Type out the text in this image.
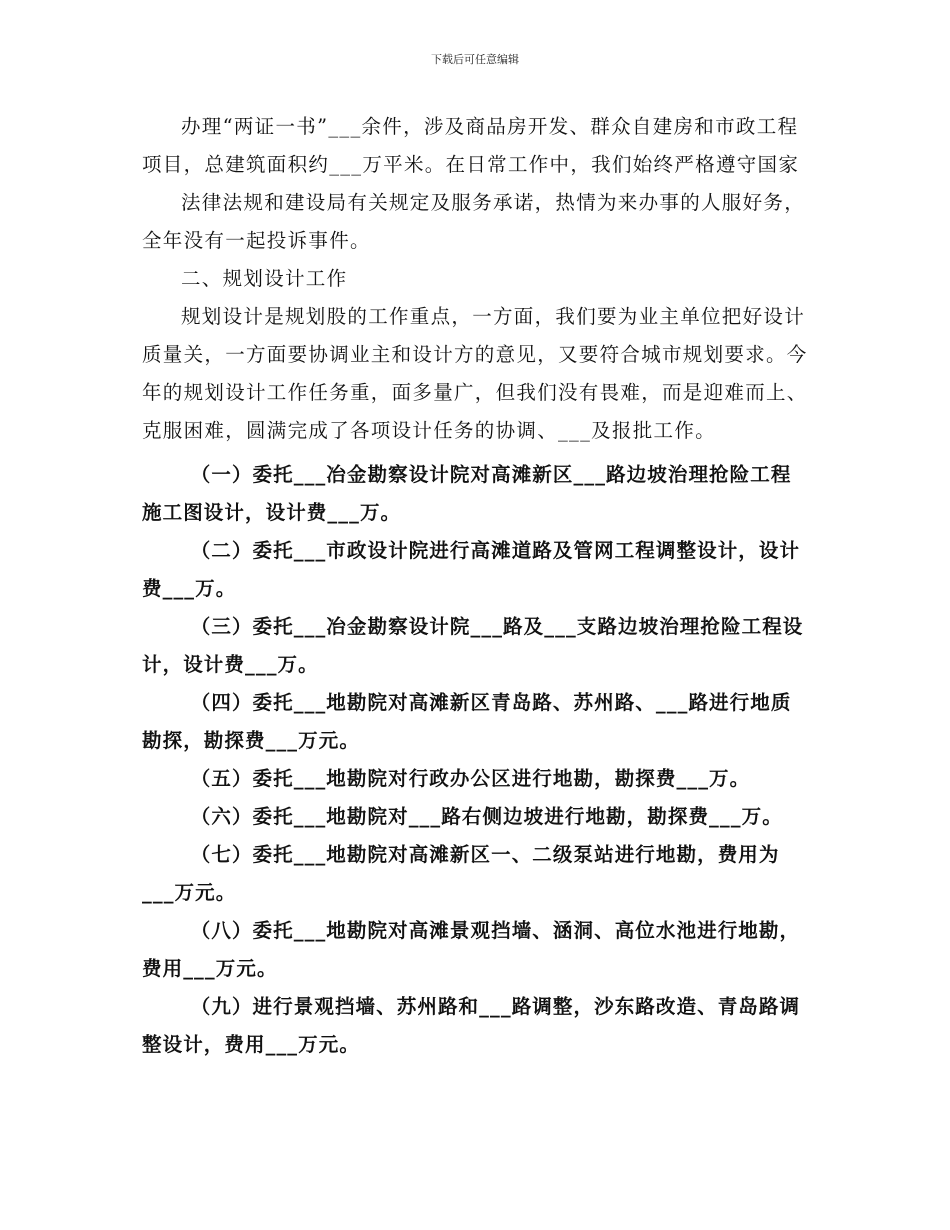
下载后可任意编辑

办理“两证一书”___余件，涉及商品房开发、群众自建房和市政工程项目，总建筑面积约___万平米。在日常工作中，我们始终严格遵守国家

法律法规和建设局有关规定及服务承诺，热情为来办事的人服好务，全年没有一起投诉事件。

二、规划设计工作

规划设计是规划股的工作重点，一方面，我们要为业主单位把好设计质量关，一方面要协调业主和设计方的意见，又要符合城市规划要求。今年的规划设计工作任务重，面多量广，但我们没有畏难，而是迎难而上、克服困难，圆满完成了各项设计任务的协调、___及报批工作。

（一）委托___冶金勘察设计院对高滩新区___路边坡治理抢险工程施工图设计，设计费___万。

（二）委托___市政设计院进行高滩道路及管网工程调整设计，设计费___万。

（三）委托___冶金勘察设计院___路及___支路边坡治理抢险工程设计，设计费___万。

（四）委托___地勘院对高滩新区青岛路、苏州路、___路进行地质勘探，勘探费___万元。

（五）委托___地勘院对行政办公区进行地勘，勘探费___万。

（六）委托___地勘院对___路右侧边坡进行地勘，勘探费___万。

（七）委托___地勘院对高滩新区一、二级泵站进行地勘，费用为___万元。

（八）委托___地勘院对高滩景观挡墙、涵洞、高位水池进行地勘，费用___万元。

（九）进行景观挡墙、苏州路和___路调整，沙东路改造、青岛路调整设计，费用___万元。
